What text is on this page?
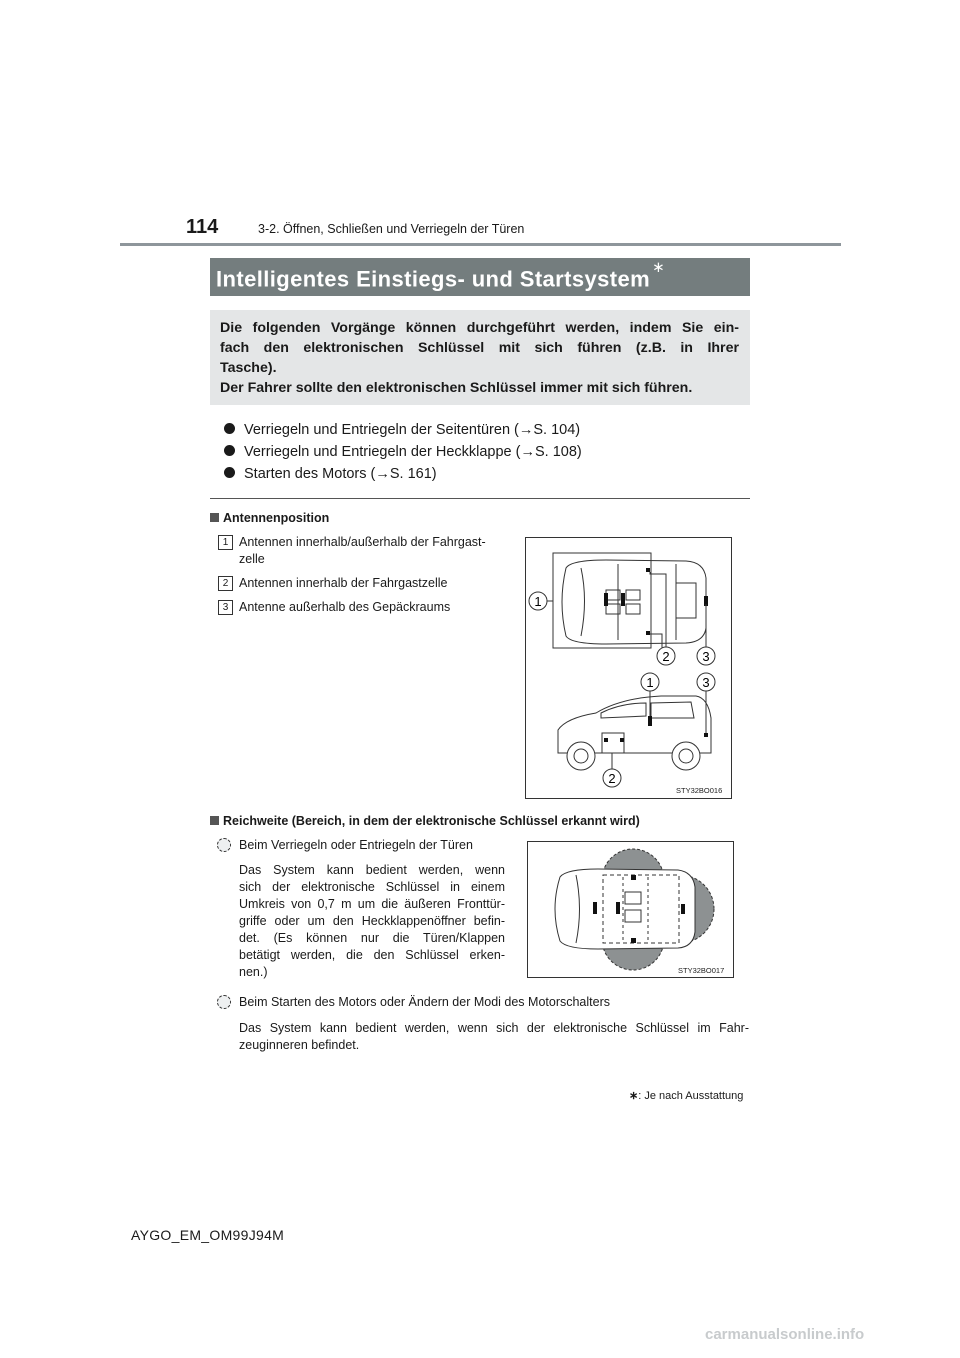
114	3-2. Öffnen, Schließen und Verriegeln der Türen
Intelligentes Einstiegs- und Startsystem ∗
Die folgenden Vorgänge können durchgeführt werden, indem Sie ein-
fach den elektronischen Schlüssel mit sich führen (z.B. in Ihrer
Tasche).
Der Fahrer sollte den elektronischen Schlüssel immer mit sich führen.
Verriegeln und Entriegeln der Seitentüren (→S. 104)
Verriegeln und Entriegeln der Heckklappe (→S. 108)
Starten des Motors (→S. 161)
Antennenposition
1 Antennen innerhalb/außerhalb der Fahrgast-
zelle
2 Antennen innerhalb der Fahrgastzelle
3 Antenne außerhalb des Gepäckraums	1
2	3
1	3
2
STY32BO016
Reichweite (Bereich, in dem der elektronische Schlüssel erkannt wird)
Beim Verriegeln oder Entriegeln der Türen
Das System kann bedient werden, wenn
sich der elektronische Schlüssel in einem
Umkreis von 0,7 m um die äußeren Fronttür-
griffe oder um den Heckklappenöffner befin-
det. (Es können nur die Türen/Klappen
betätigt werden, die den Schlüssel erken-
nen.)	STY32BO017
Beim Starten des Motors oder Ändern der Modi des Motorschalters
Das System kann bedient werden, wenn sich der elektronische Schlüssel im Fahr-
zeuginneren befindet.
∗: Je nach Ausstattung
AYGO_EM_OM99J94M
carmanualsonline.info
